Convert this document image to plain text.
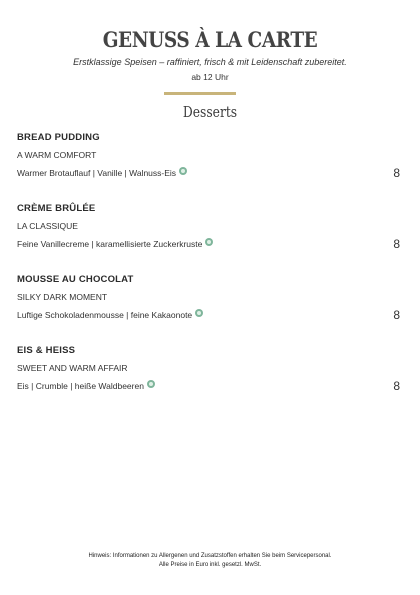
GENUSS À LA CARTE
Erstklassige Speisen – raffiniert, frisch & mit Leidenschaft zubereitet.
ab 12 Uhr
Desserts
BREAD PUDDING
A WARM COMFORT
Warmer Brotauflauf | Vanille | Walnuss-Eis	8
CRÈME BRÛLÉE
LA CLASSIQUE
Feine Vanillecreme | karamellisierte Zuckerkruste	8
MOUSSE AU CHOCOLAT
SILKY DARK MOMENT
Luftige Schokoladenmousse | feine Kakaonote	8
EIS & HEISS
SWEET AND WARM AFFAIR
Eis | Crumble | heiße Waldbeeren	8
Hinweis: Informationen zu Allergenen und Zusatzstoffen erhalten Sie beim Servicepersonal.
Alle Preise in Euro inkl. gesetzl. MwSt.
